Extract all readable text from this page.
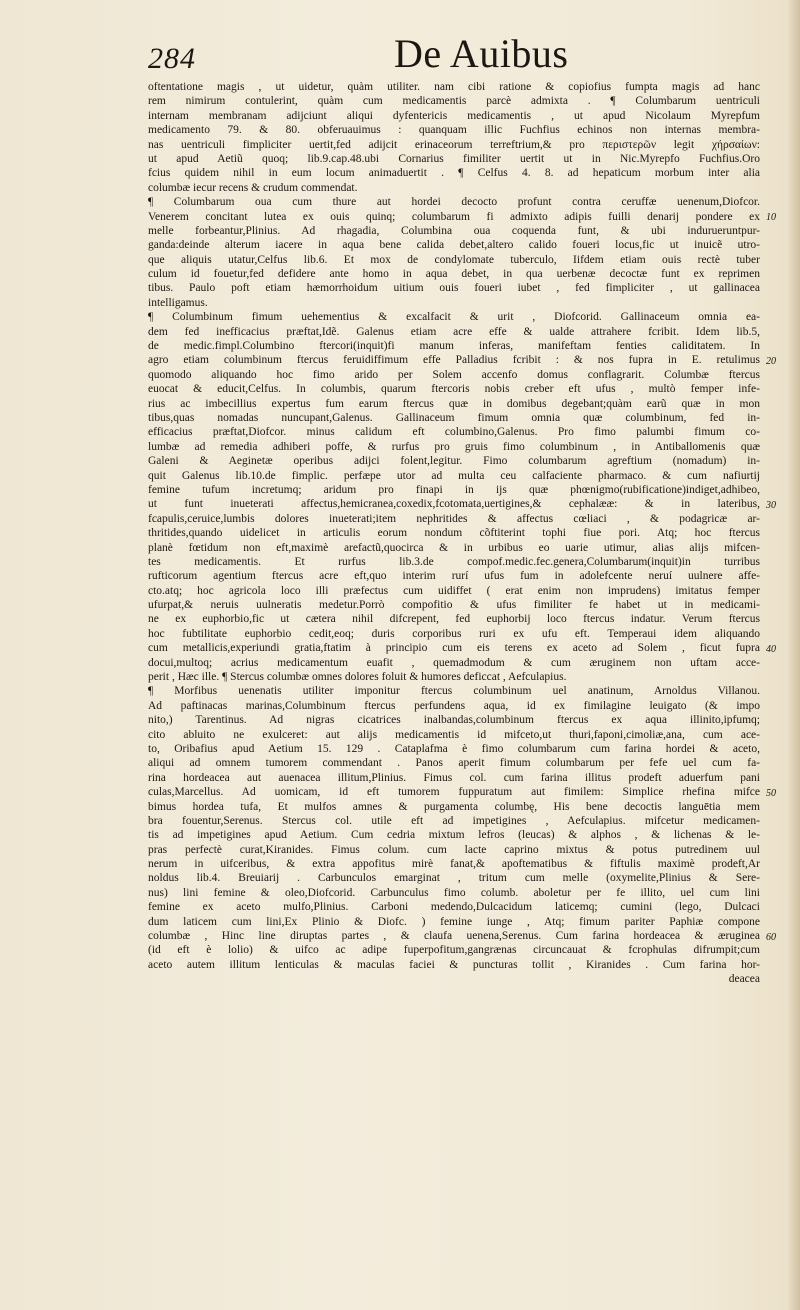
284	De Auibus
oftentatione magis , ut uidetur, quàm utiliter. nam cibi ratione & copiofius fumpta magis ad hanc
rem nimirum contulerint, quàm cum medicamentis parcè admixta . ¶ Columbarum uentriculi
internam membranam adijciunt aliqui dyfentericis medicamentis , ut apud Nicolaum Myrepfum
medicamento 79. & 80. obferuauimus : quanquam illic Fuchfius echinos non internas membra-
nas uentriculi fimpliciter uertit,fed adijcit erinaceorum terreftrium,& pro περιστερῶν legit χήρσαίων:
ut apud Aetiũ quoq; lib.9.cap.48.ubi Cornarius fimiliter uertit ut in Nic.Myrepfo Fuchfius.Oro
fcius quidem nihil in eum locum animaduertit . ¶ Celfus 4. 8. ad hepaticum morbum inter alia
columbæ iecur recens & crudum commendat.
¶ Columbarum oua cum thure aut hordei decocto profunt contra ceruffæ uenenum,Diofcor.
Venerem concitant lutea ex ouis quinq; columbarum fi admixto adipis fuilli denarij pondere ex
melle forbeantur,Plinius. Ad rhagadia, Columbina oua coquenda funt, & ubi indurueruntpur-
ganda:deinde alterum iacere in aqua bene calida debet,altero calido foueri locus,fic ut inuicẽ utro-
que aliquis utatur,Celfus lib.6. Et mox de condylomate tuberculo, Iifdem etiam ouis rectè tuber
culum id fouetur,fed defidere ante homo in aqua debet, in qua uerbenæ decoctæ funt ex reprimen
tibus. Paulo poft etiam hæmorrhoidum uitium ouis foueri iubet , fed fimpliciter , ut gallinacea
intelligamus.
¶ Columbinum fimum uehementius & excalfacit & urit , Diofcorid. Gallinaceum omnia ea-
dem fed inefficacius præftat,Idẽ. Galenus etiam acre effe & ualde attrahere fcribit. Idem lib.5,
de medic.fimpl.Columbino ftercori(inquit)fi manum inferas, manifeftam fenties caliditatem. In
agro etiam columbinum ftercus feruidiffimum effe Palladius fcribit : & nos fupra in E. retulimus
quomodo aliquando hoc fimo arido per Solem accenfo domus conflagrarit. Columbæ ftercus
euocat & educit,Celfus. In columbis, quarum ftercoris nobis creber eft ufus , multò femper infe-
rius ac imbecillius expertus fum earum ftercus quæ in domibus degebant;quàm earũ quæ in mon
tibus,quas nomadas nuncupant,Galenus. Gallinaceum fimum omnia quæ columbinum, fed in-
efficacius præftat,Diofcor. minus calidum eft columbino,Galenus. Pro fimo palumbi fimum co-
lumbæ ad remedia adhiberi poffe, & rurfus pro gruis fimo columbinum , in Antiballomenis quæ
Galeni & Aeginetæ operibus adijci folent,legitur. Fimo columbarum agreftium (nomadum) in-
quit Galenus lib.10.de fimplic. perfæpe utor ad multa ceu calfaciente pharmaco. & cum nafiurtij
femine tufum incretumq; aridum pro finapi in ijs quæ phœnigmo(rubificatione)indiget,adhibeo,
ut funt inueterati affectus,hemicranea,coxedix,fcotomata,uertigines,& cephalææ: & in lateribus,
fcapulis,ceruice,lumbis dolores inueterati;item nephritides & affectus cœliaci , & podagricæ ar-
thritides,quando uidelicet in articulis eorum nondum cõftiterint tophi fiue pori. Atq; hoc ftercus
planè fœtidum non eft,maximè arefactũ,quocirca & in urbibus eo uarie utimur, alias alijs mifcen-
tes medicamentis. Et rurfus lib.3.de compof.medic.fec.genera,Columbarum(inquit)in turribus
rufticorum agentium ftercus acre eft,quo interim rurí ufus fum in adolefcente neruí uulnere affe-
cto.atq; hoc agricola loco illi præfectus cum uidiffet ( erat enim non imprudens) imitatus femper
ufurpat,& neruis uulneratis medetur.Porrò compofitio & ufus fimiliter fe habet ut in medicami-
ne ex euphorbio,fic ut cætera nihil difcrepent, fed euphorbij loco ftercus indatur. Verum ftercus
hoc fubtilitate euphorbio cedit,eoq; duris corporibus ruri ex ufu eft. Temperaui idem aliquando
cum metallicis,experiundi gratia,ftatim à principio cum eis terens ex aceto ad Solem , ficut fupra
docui,multoq; acrius medicamentum euafit , quemadmodum & cum æruginem non uftam acce-
perit , Hæc ille. ¶ Stercus columbæ omnes dolores foluit & humores deficcat , Aefculapius.
¶ Morfibus uenenatis utiliter imponitur ftercus columbinum uel anatinum, Arnoldus Villanou.
Ad paftinacas marinas,Columbinum ftercus perfundens aqua, id ex fimilagine leuigato (& impo
nito,) Tarentinus. Ad nigras cicatrices inalbandas,columbinum ftercus ex aqua illinito,ipfumq;
cito abluito ne exulceret: aut alijs medicamentis id mifceto,ut thuri,faponi,cimoliæ,ana, cum ace-
to, Oribafius apud Aetium 15. 129 . Cataplafma è fimo columbarum cum farina hordei & aceto,
aliqui ad omnem tumorem commendant . Panos aperit fimum columbarum per fefe uel cum fa-
rina hordeacea aut auenacea illitum,Plinius. Fimus col. cum farina illitus prodeft aduerfum pani
culas,Marcellus. Ad uomicam, id eft tumorem fuppuratum aut fimilem: Simplice rhefina mifce
bimus hordea tufa, Et mulfos amnes & purgamenta columbę, His bene decoctis languētia mem
bra fouentur,Serenus. Stercus col. utile eft ad impetigines , Aefculapius. mifcetur medicamen-
tis ad impetigines apud Aetium. Cum cedria mixtum lefros (leucas) & alphos , & lichenas & le-
pras perfectè curat,Kiranides. Fimus colum. cum lacte caprino mixtus & potus putredinem uul
nerum in uifceribus, & extra appofitus mirè fanat,& apoftematibus & fiftulis maximè prodeft,Ar
noldus lib.4. Breuiarij . Carbunculos emarginat , tritum cum melle (oxymelite,Plinius & Sere-
nus) lini femine & oleo,Diofcorid. Carbunculus fimo columb. aboletur per fe illito, uel cum lini
femine ex aceto mulfo,Plinius. Carboni medendo,Dulcacidum laticemq; cumini (lego, Dulcaci
dum laticem cum lini,Ex Plinio & Diofc. ) femine iunge , Atq; fimum pariter Paphiæ compone
columbæ , Hinc line diruptas partes , & claufa uenena,Serenus. Cum farina hordeacea & æruginea
(id eft è lolio) & uifco ac adipe fuperpofitum,gangrænas circuncauat & fcrophulas difrumpit;cum
aceto autem illitum lenticulas & maculas faciei & puncturas tollit , Kiranides . Cum farina hor-
deacea
10
20
30
40
50
60
